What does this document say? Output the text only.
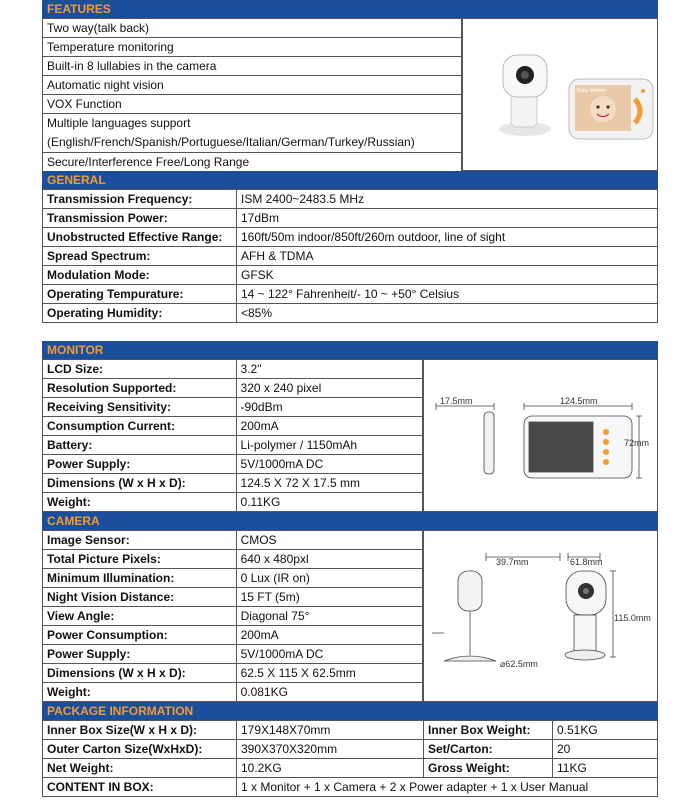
FEATURES
Two way(talk back)
Temperature monitoring
Built-in 8 lullabies in the camera
Automatic night vision
VOX Function

Multiple languages support
(English/French/Spanish/Portuguese/Italian/German/Turkey/Russian)

Secure/Interference Free/Long Range
Baby Monitor
GENERAL
Transmission Frequency:	ISM 2400~2483.5 MHz
Transmission Power:	17dBm
Unobstructed Effective Range:	160ft/50m indoor/850ft/260m outdoor, line of sight
Spread Spectrum:	AFH & TDMA
Modulation Mode:	GFSK
Operating Tempurature:	14 ~ 122° Fahrenheit/- 10 ~ +50° Celsius
Operating Humidity:	<85%
MONITOR
LCD Size:	3.2"
Resolution Supported:	320 x 240 pixel
Receiving Sensitivity:	-90dBm
Consumption Current:	200mA
Battery:	Li-polymer / 1150mAh
Power Supply:	5V/1000mA DC
Dimensions (W x H x D):	124.5 X 72 X 17.5 mm
Weight:	0.11KG
17.5mm	124.5mm
72mm
CAMERA
Image Sensor:	CMOS
Total Picture Pixels:	640 x 480pxl
Minimum Illumination:	0 Lux (IR on)
Night Vision Distance:	15 FT (5m)
View Angle:	Diagonal 75°
Power Consumption:	200mA
Power Supply:	5V/1000mA DC
Dimensions (W x H x D):	62.5 X 115 X 62.5mm
Weight:	0.081KG
39.7mm	61.8mm
115.0mm
⌀62.5mm
PACKAGE INFORMATION
Inner Box Size(W x H x D):	179X148X70mm	Inner Box Weight:	0.51KG
Outer Carton Size(WxHxD):	390X370X320mm	Set/Carton:	20
Net Weight:	10.2KG	Gross Weight:	11KG
CONTENT IN BOX:	1 x Monitor + 1 x Camera + 2 x Power adapter + 1 x User Manual		
